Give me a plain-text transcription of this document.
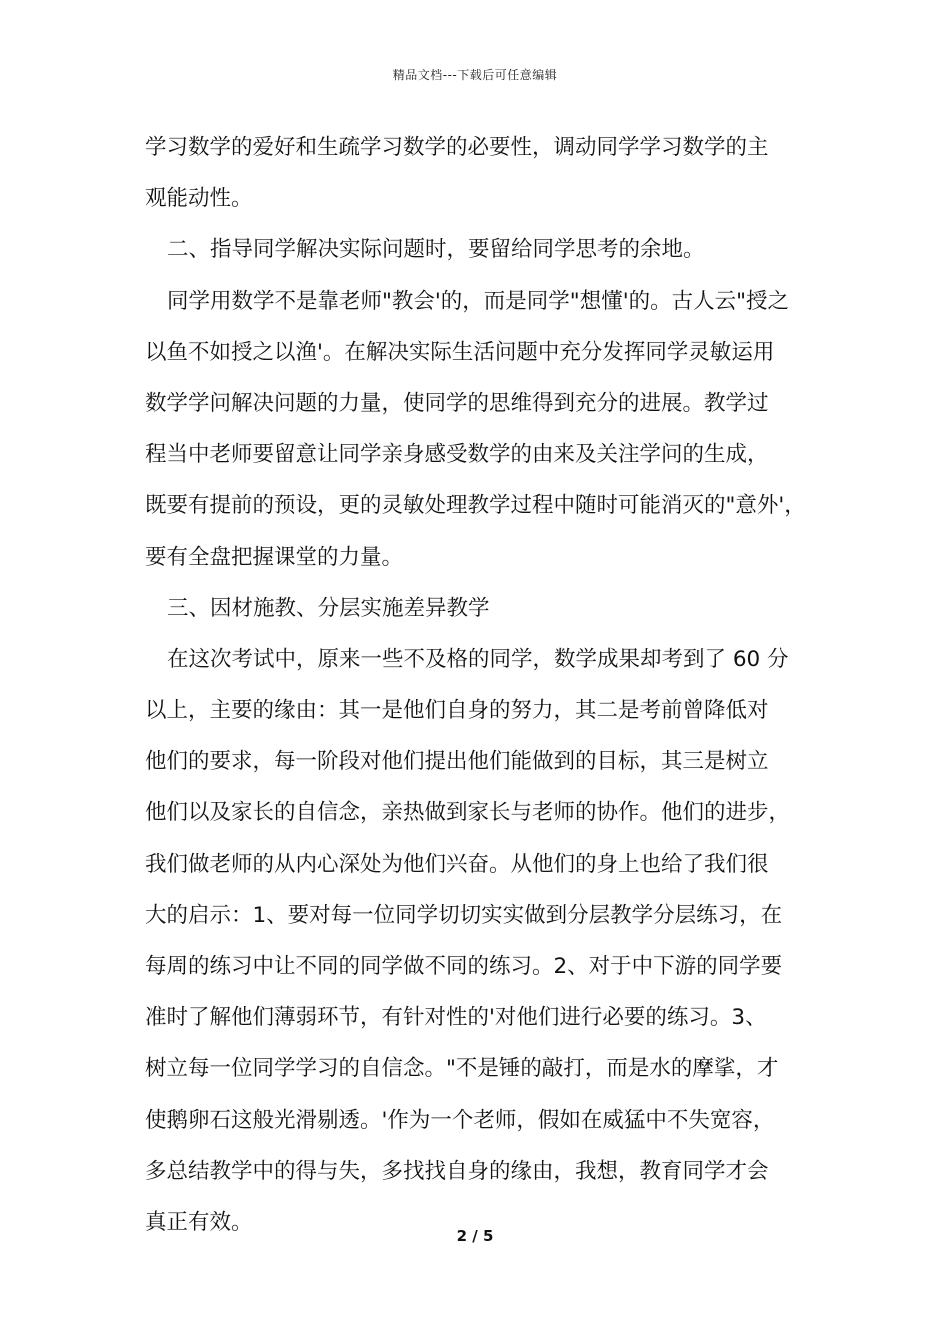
精品文档---下载后可任意编辑
学习数学的爱好和生疏学习数学的必要性，调动同学学习数学的主
观能动性。
二、指导同学解决实际问题时，要留给同学思考的余地。
同学用数学不是靠老师"教会'的，而是同学"想懂'的。古人云"授之
以鱼不如授之以渔'。在解决实际生活问题中充分发挥同学灵敏运用
数学学问解决问题的力量，使同学的思维得到充分的进展。教学过
程当中老师要留意让同学亲身感受数学的由来及关注学问的生成，
既要有提前的预设，更的灵敏处理教学过程中随时可能消灭的"意外'，
要有全盘把握课堂的力量。
三、因材施教、分层实施差异教学
在这次考试中，原来一些不及格的同学，数学成果却考到了 60 分
以上，主要的缘由：其一是他们自身的努力，其二是考前曾降低对
他们的要求，每一阶段对他们提出他们能做到的目标，其三是树立
他们以及家长的自信念，亲热做到家长与老师的协作。他们的进步，
我们做老师的从内心深处为他们兴奋。从他们的身上也给了我们很
大的启示：1、要对每一位同学切切实实做到分层教学分层练习，在
每周的练习中让不同的同学做不同的练习。2、对于中下游的同学要
准时了解他们薄弱环节，有针对性的'对他们进行必要的练习。3、
树立每一位同学学习的自信念。"不是锤的敲打，而是水的摩挲，才
使鹅卵石这般光滑剔透。'作为一个老师，假如在威猛中不失宽容，
多总结教学中的得与失，多找找自身的缘由，我想，教育同学才会
真正有效。
2 / 5
